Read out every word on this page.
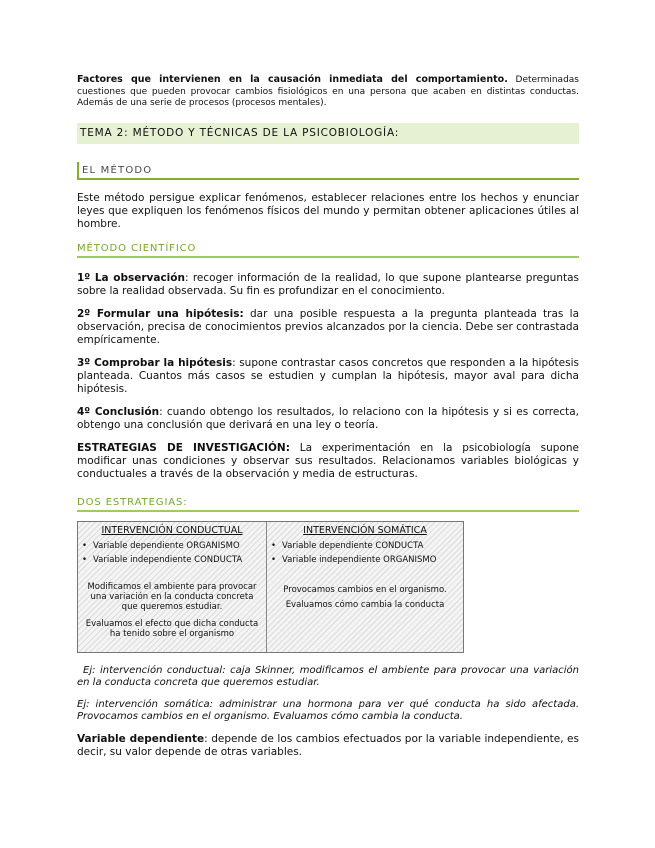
Factores que intervienen en la causación inmediata del comportamiento. Determinadas cuestiones que pueden provocar cambios fisiológicos en una persona que acaben en distintas conductas. Además de una serie de procesos (procesos mentales).

TEMA 2: MÉTODO Y TÉCNICAS DE LA PSICOBIOLOGÍA:
EL MÉTODO

Este método persigue explicar fenómenos, establecer relaciones entre los hechos y enunciar leyes que expliquen los fenómenos físicos del mundo y permitan obtener aplicaciones útiles al hombre.

MÉTODO CIENTÍFICO

1º La observación: recoger información de la realidad, lo que supone plantearse preguntas sobre la realidad observada. Su fin es profundizar en el conocimiento.

2º Formular una hipótesis: dar una posible respuesta a la pregunta planteada tras la observación, precisa de conocimientos previos alcanzados por la ciencia. Debe ser contrastada empíricamente.

3º Comprobar la hipótesis: supone contrastar casos concretos que responden a la hipótesis planteada. Cuantos más casos se estudien y cumplan la hipótesis, mayor aval para dicha hipótesis.

4º Conclusión: cuando obtengo los resultados, lo relaciono con la hipótesis y si es correcta, obtengo una conclusión que derivará en una ley o teoría.

ESTRATEGIAS DE INVESTIGACIÓN: La experimentación en la psicobiología supone modificar unas condiciones y observar sus resultados. Relacionamos variables biológicas y conductuales a través de la observación y media de estructuras.

DOS ESTRATEGIAS:
INTERVENCIÓN CONDUCTUAL
• Variable dependiente ORGANISMO
• Variable independiente CONDUCTA
Modificamos el ambiente para provocar una variación en la conducta concreta que queremos estudiar.
Evaluamos el efecto que dicha conducta ha tenido sobre el organismo
INTERVENCIÓN SOMÁTICA
• Variable dependiente CONDUCTA
• Variable independiente ORGANISMO
Provocamos cambios en el organismo.
Evaluamos cómo cambia la conducta

Ej: intervención conductual: caja Skinner, modificamos el ambiente para provocar una variación en la conducta concreta que queremos estudiar.

Ej: intervención somática: administrar una hormona para ver qué conducta ha sido afectada. Provocamos cambios en el organismo. Evaluamos cómo cambia la conducta.

Variable dependiente: depende de los cambios efectuados por la variable independiente, es decir, su valor depende de otras variables.
